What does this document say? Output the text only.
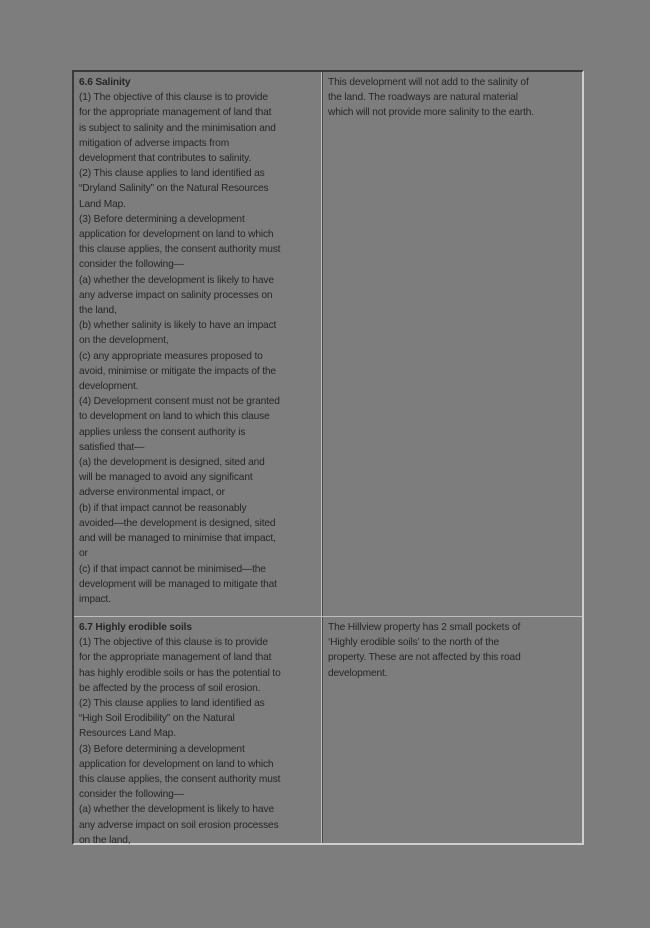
6.6 Salinity
(1) The objective of this clause is to provide
for the appropriate management of land that
is subject to salinity and the minimisation and
mitigation of adverse impacts from
development that contributes to salinity.
(2) This clause applies to land identified as
“Dryland Salinity” on the Natural Resources
Land Map.
(3) Before determining a development
application for development on land to which
this clause applies, the consent authority must
consider the following—
(a) whether the development is likely to have
any adverse impact on salinity processes on
the land,
(b) whether salinity is likely to have an impact
on the development,
(c) any appropriate measures proposed to
avoid, minimise or mitigate the impacts of the
development.
(4) Development consent must not be granted
to development on land to which this clause
applies unless the consent authority is
satisfied that—
(a) the development is designed, sited and
will be managed to avoid any significant
adverse environmental impact, or
(b) if that impact cannot be reasonably
avoided—the development is designed, sited
and will be managed to minimise that impact,
or
(c) if that impact cannot be minimised—the
development will be managed to mitigate that
impact.
This development will not add to the salinity of
the land. The roadways are natural material
which will not provide more salinity to the earth.
6.7 Highly erodible soils
(1) The objective of this clause is to provide
for the appropriate management of land that
has highly erodible soils or has the potential to
be affected by the process of soil erosion.
(2) This clause applies to land identified as
“High Soil Erodibility” on the Natural
Resources Land Map.
(3) Before determining a development
application for development on land to which
this clause applies, the consent authority must
consider the following—
(a) whether the development is likely to have
any adverse impact on soil erosion processes
on the land,
The Hillview property has 2 small pockets of
‘Highly erodible soils’ to the north of the
property. These are not affected by this road
development.
